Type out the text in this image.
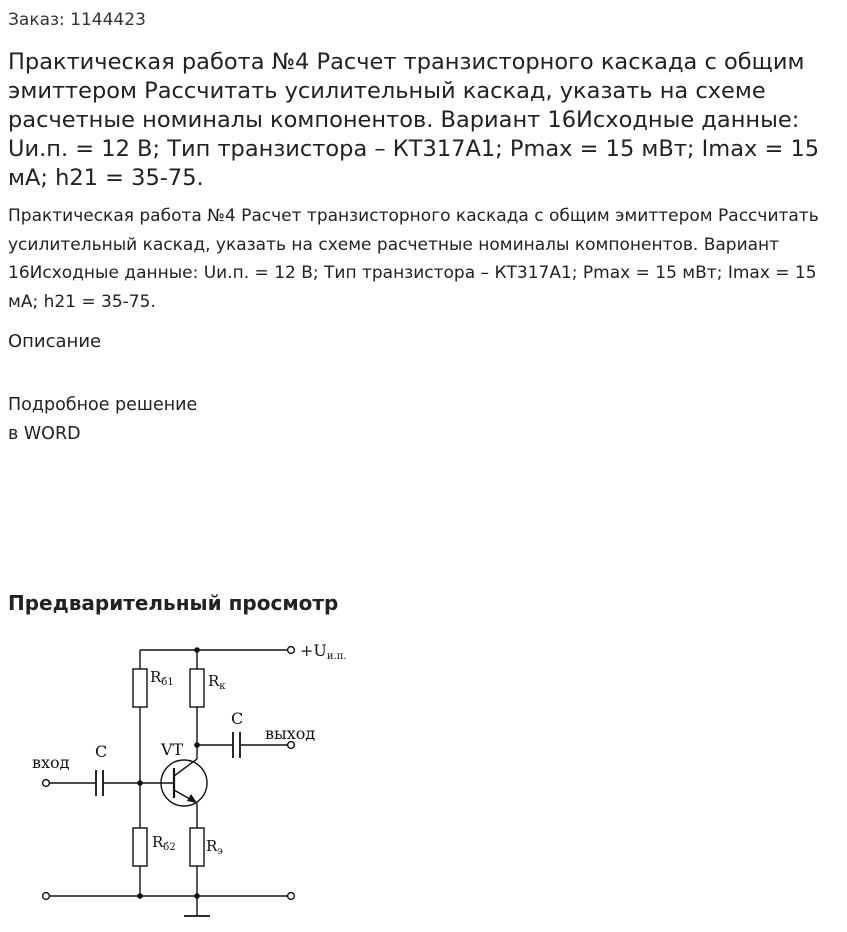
Заказ: 1144423
Практическая работа №4 Расчет транзисторного каскада с общим эмиттером Рассчитать усилительный каскад, указать на схеме расчетные номиналы компонентов. Вариант 16Исходные данные: Uи.п. = 12 В; Тип транзистора – КТ317А1; Pmax = 15 мВт; Imax = 15 мА; h21 = 35-75.
Практическая работа №4 Расчет транзисторного каскада с общим эмиттером Рассчитать усилительный каскад, указать на схеме расчетные номиналы компонентов. Вариант 16Исходные данные: Uи.п. = 12 В; Тип транзистора – КТ317А1; Pmax = 15 мВт; Imax = 15 мА; h21 = 35-75.
Описание
Подробное решение
в WORD
Предварительный просмотр
+Uи.п.
$R_{б1}$ $R_к$
C
выход
VT
C
вход
$R_{б2}$ $R_э$
